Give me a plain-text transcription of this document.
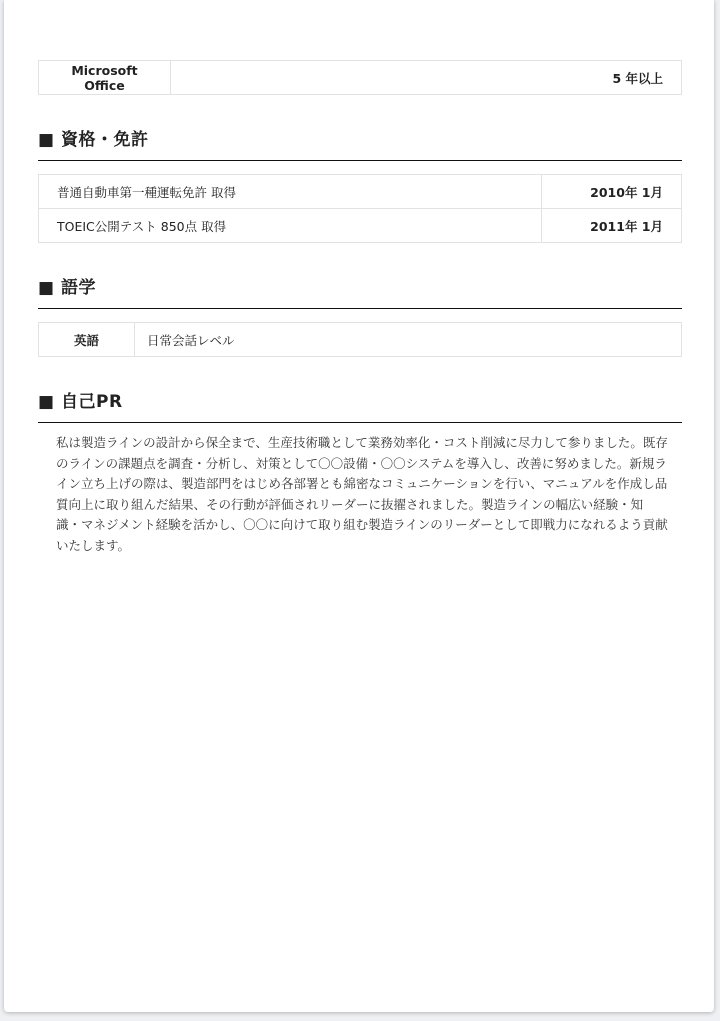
Microsoft Office	5 年以上
■ 資格・免許
普通自動車第一種運転免許 取得	2010年 1月
TOEIC公開テスト 850点 取得	2011年 1月
■ 語学
英語	日常会話レベル
■ 自己PR

私は製造ラインの設計から保全まで、生産技術職として業務効率化・コスト削減に尽力して参りました。既存のラインの課題点を調査・分析し、対策として〇〇設備・〇〇システムを導入し、改善に努めました。新規ライン立ち上げの際は、製造部門をはじめ各部署とも綿密なコミュニケーションを行い、マニュアルを作成し品質向上に取り組んだ結果、その行動が評価されリーダーに抜擢されました。製造ラインの幅広い経験・知識・マネジメント経験を活かし、〇〇に向けて取り組む製造ラインのリーダーとして即戦力になれるよう貢献いたします。
